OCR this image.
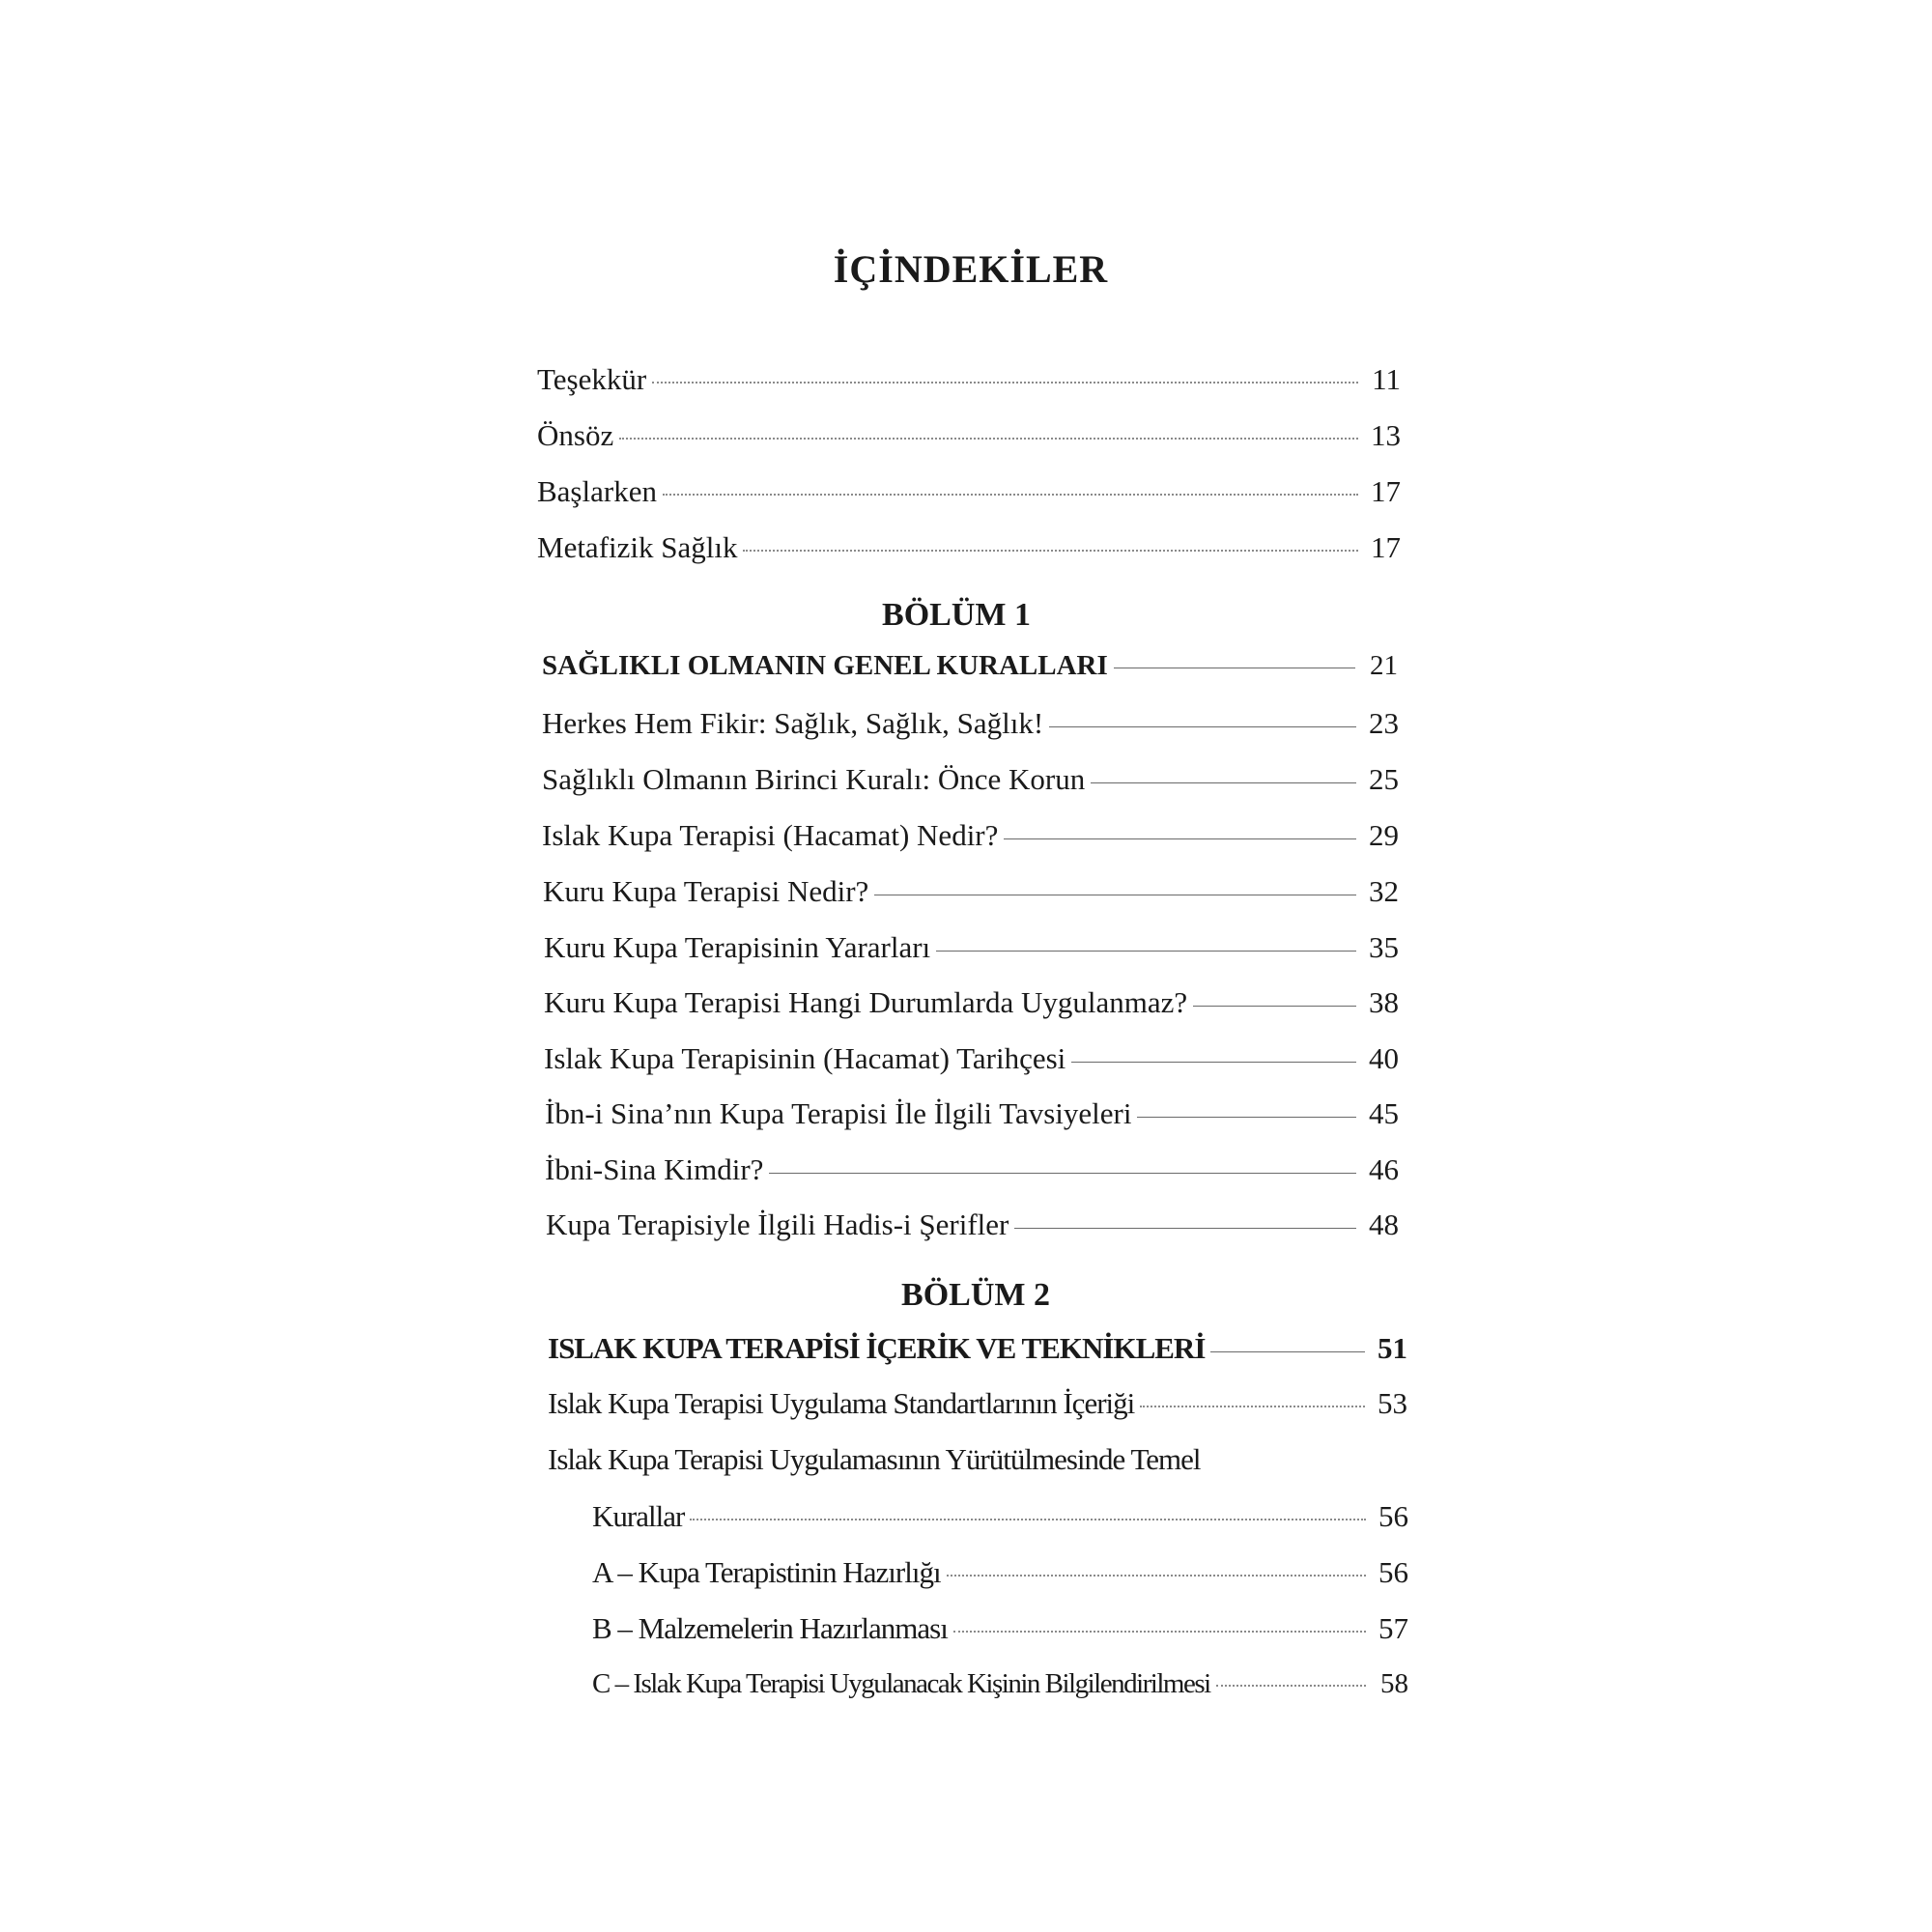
İÇİNDEKİLER
Teşekkür	11
Önsöz	13
Başlarken	17
Metafizik Sağlık	17
BÖLÜM 1
SAĞLIKLI OLMANIN GENEL KURALLARI	21
Herkes Hem Fikir: Sağlık, Sağlık, Sağlık!	23
Sağlıklı Olmanın Birinci Kuralı: Önce Korun	25
Islak Kupa Terapisi (Hacamat) Nedir?	29
Kuru Kupa Terapisi Nedir?	32
Kuru Kupa Terapisinin Yararları	35
Kuru Kupa Terapisi Hangi Durumlarda Uygulanmaz?	38
Islak Kupa Terapisinin (Hacamat) Tarihçesi	40
İbn-i Sina’nın Kupa Terapisi İle İlgili Tavsiyeleri	45
İbni-Sina Kimdir?	46
Kupa Terapisiyle İlgili Hadis-i Şerifler	48
BÖLÜM 2
ISLAK KUPA TERAPİSİ İÇERİK VE TEKNİKLERİ	51
Islak Kupa Terapisi Uygulama Standartlarının İçeriği	53
Islak Kupa Terapisi Uygulamasının Yürütülmesinde Temel
Kurallar	56
A – Kupa Terapistinin Hazırlığı	56
B – Malzemelerin Hazırlanması	57
C – Islak Kupa Terapisi Uygulanacak Kişinin Bilgilendirilmesi	58
